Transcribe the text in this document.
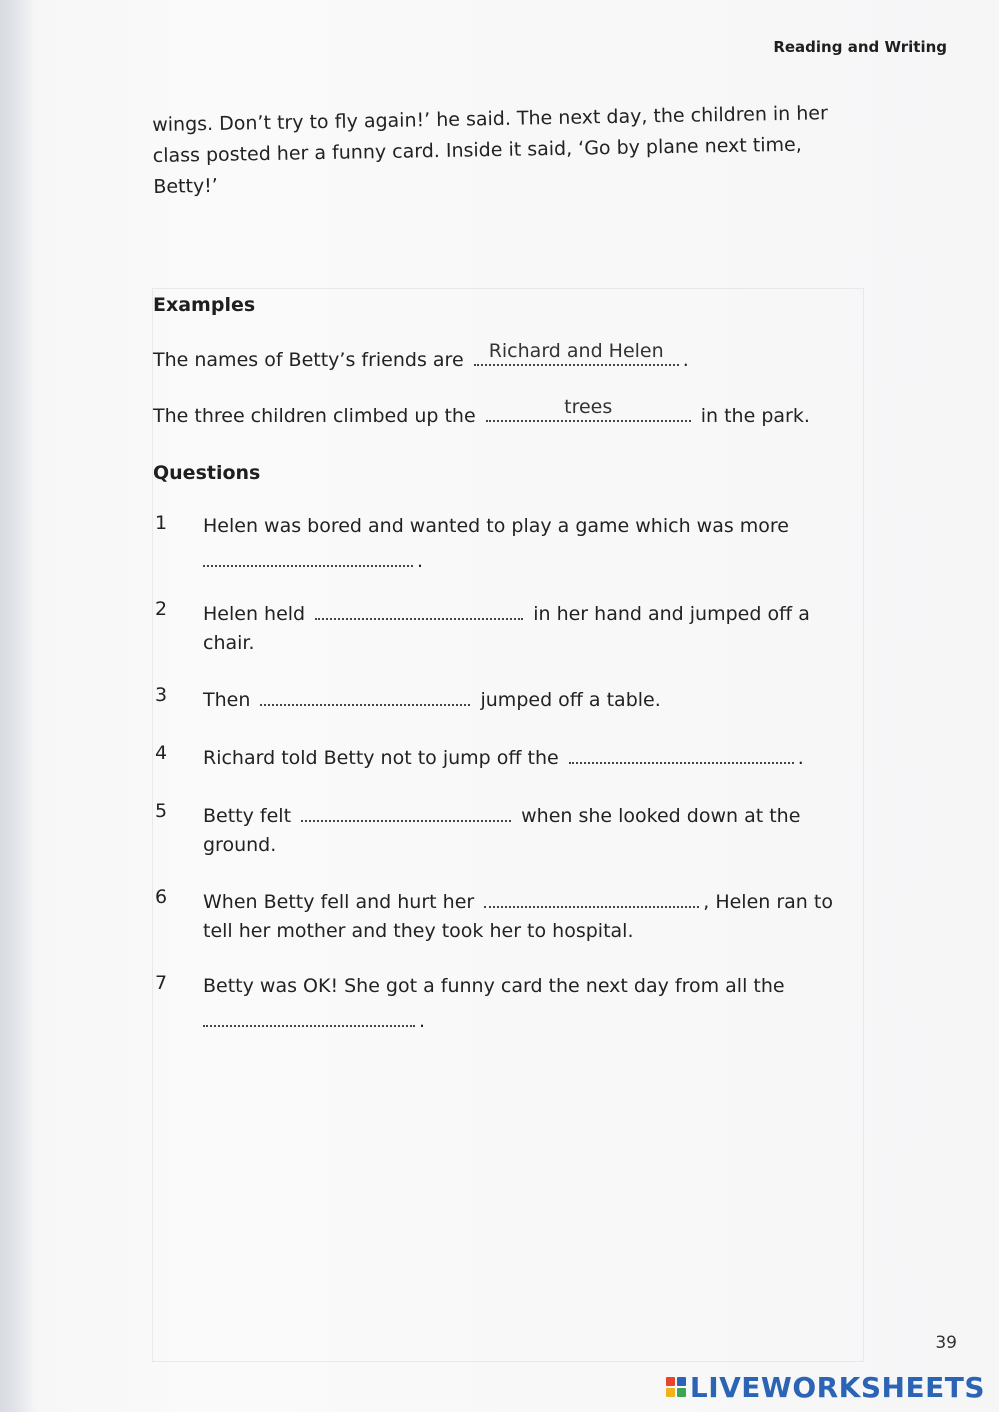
Reading and Writing
wings. Don’t try to fly again!’ he said. The next day, the children in her class posted her a funny card. Inside it said, ‘Go by plane next time, Betty!’
Examples
The names of Betty’s friends are	Richard and Helen	.
The three children climbed up the	trees	in the park.
Questions
1	Helen was bored and wanted to play a game which was more
.
2	Helen held	in her hand and jumped off a
chair.
3	Then	jumped off a table.
4	Richard told Betty not to jump off the	.
5	Betty felt	when she looked down at the
ground.
6	When Betty fell and hurt her	, Helen ran to
tell her mother and they took her to hospital.
7	Betty was OK! She got a funny card the next day from all the
.
39
LIVEWORKSHEETS
